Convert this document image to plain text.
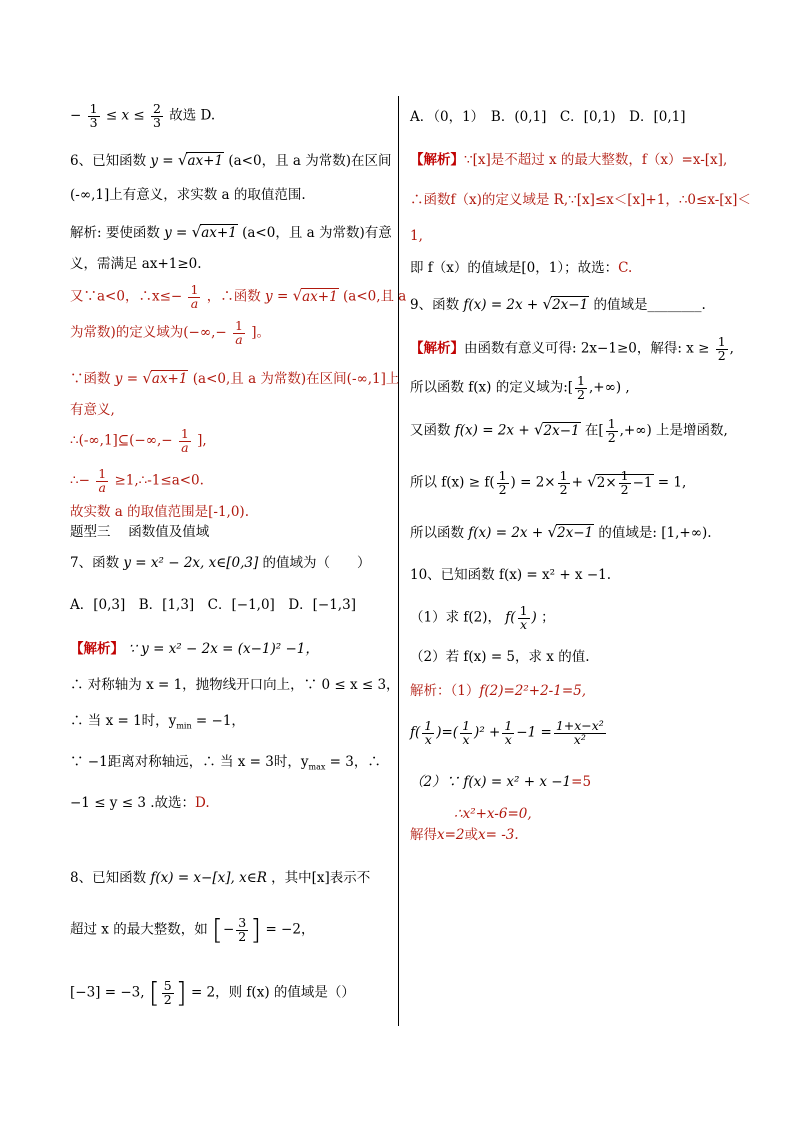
− $\frac{1}{3} \le x \le \frac{2}{3}$ 故选 D.
6、已知函数 y = √ax+1 (a<0，且 a 为常数)在区间
(-∞,1]上有意义，求实数 a 的取值范围.
解析: 要使函数 y = √ax+1 (a<0，且 a 为常数)有意
义，需满足 ax+1≥0.
又∵a<0，∴x≤− $\frac{1}{a}$ ，∴函数 y = √ax+1 (a<0,且 a
为常数)的定义域为(−∞,− $\frac{1}{a}$ ]。
∵函数 y = √ax+1 (a<0,且 a 为常数)在区间(-∞,1]上
有意义,
∴(-∞,1]⊆(−∞,− $\frac{1}{a}$ ],
∴− $\frac{1}{a}$ ≥1,∴-1≤a<0.
故实数 a 的取值范围是[-1,0).
题型三　 函数值及值域
7、函数 y = x² − 2x, x∈[0,3] 的值域为（　　）
A．[0,3]　B．[1,3]　C．[−1,0]　D．[−1,3]
【解析】 ∵ y = x² − 2x = (x−1)² −1，
∴ 对称轴为 x = 1，抛物线开口向上，∵ 0 ≤ x ≤ 3，
∴ 当 x = 1时，$y_{min} = -1$，
∵ −1距离对称轴远，∴ 当 x = 3时，$y_{max} = 3$，∴
−1 ≤ y ≤ 3 .故选：D.
8、已知函数 f(x) = x−[x], x∈R ，其中[x]表示不
超过 x 的最大整数，如 [− $\frac{3}{2}$ ] = −2，
[−3] = −3, [ $\frac{5}{2}$ ] = 2，则 f(x) 的值域是（）
A．（0，1）　B．(0,1]　C．[0,1)　D．[0,1]
【解析】∵[x]是不超过 x 的最大整数，f（x）=x-[x],
∴函数f（x)的定义域是 R,∵[x]≤x＜[x]+1，∴0≤x-[x]＜
1,
即 f（x）的值域是[0，1）；故选：C.
9、函数 f(x) = 2x + √2x−1 的值域是________.
【解析】由函数有意义可得: 2x−1≥0，解得: $x \ge \frac{1}{2}$ ,
所以函数 f(x) 的定义域为:[ $\frac{1}{2}$ ,+∞) ,
又函数 f(x) = 2x + √2x−1 在[ $\frac{1}{2}$ ,+∞) 上是增函数,
所以 $f(x) \ge f( \frac{1}{2}$ ) = $2\times \frac{1}{2} + √2\times \frac{1}{2} -1 = 1$,
所以函数 f(x) = 2x + √2x−1 的值域是: [1,+∞).
10、已知函数 f(x) = x² + x −1.
（1）求 f(2)， $f( \frac{1}{x}$ ) ；
（2）若 f(x) = 5，求 x 的值.
解析：（1）f(2)=2²+2-1=5,
$f( \frac{1}{x}$ )=( $\frac{1}{x} )^2 + \frac{1}{x} -1 = \frac{\text{1+x−x²}}{\text{x²}}$
（2）∵ f(x) = x² + x −1=5
∴x²+x-6=0,
解得x=2或x= -3.
